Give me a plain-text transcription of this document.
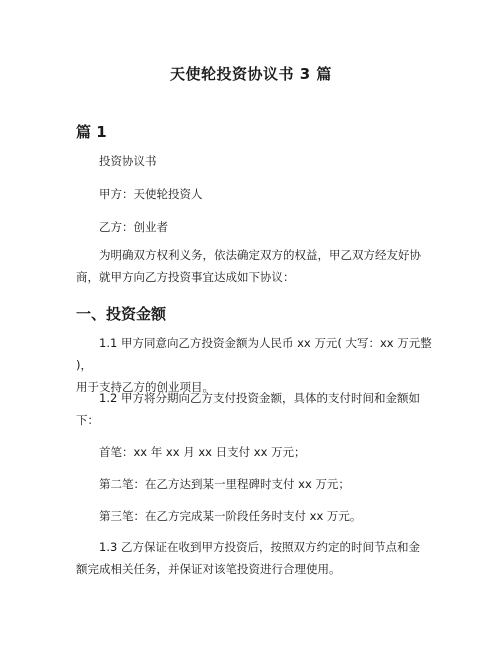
天使轮投资协议书 3 篇
篇 1
投资协议书
甲方：天使轮投资人
乙方：创业者
为明确双方权利义务，依法确定双方的权益，甲乙双方经友好协
商，就甲方向乙方投资事宜达成如下协议：
一、投资金额
1.1 甲方同意向乙方投资金额为人民币 xx 万元( 大写：xx 万元整 )，
用于支持乙方的创业项目。
1.2 甲方将分期向乙方支付投资金额，具体的支付时间和金额如
下：
首笔：xx 年 xx 月 xx 日支付 xx 万元；
第二笔：在乙方达到某一里程碑时支付 xx 万元；
第三笔：在乙方完成某一阶段任务时支付 xx 万元。
1.3 乙方保证在收到甲方投资后，按照双方约定的时间节点和金
额完成相关任务，并保证对该笔投资进行合理使用。
